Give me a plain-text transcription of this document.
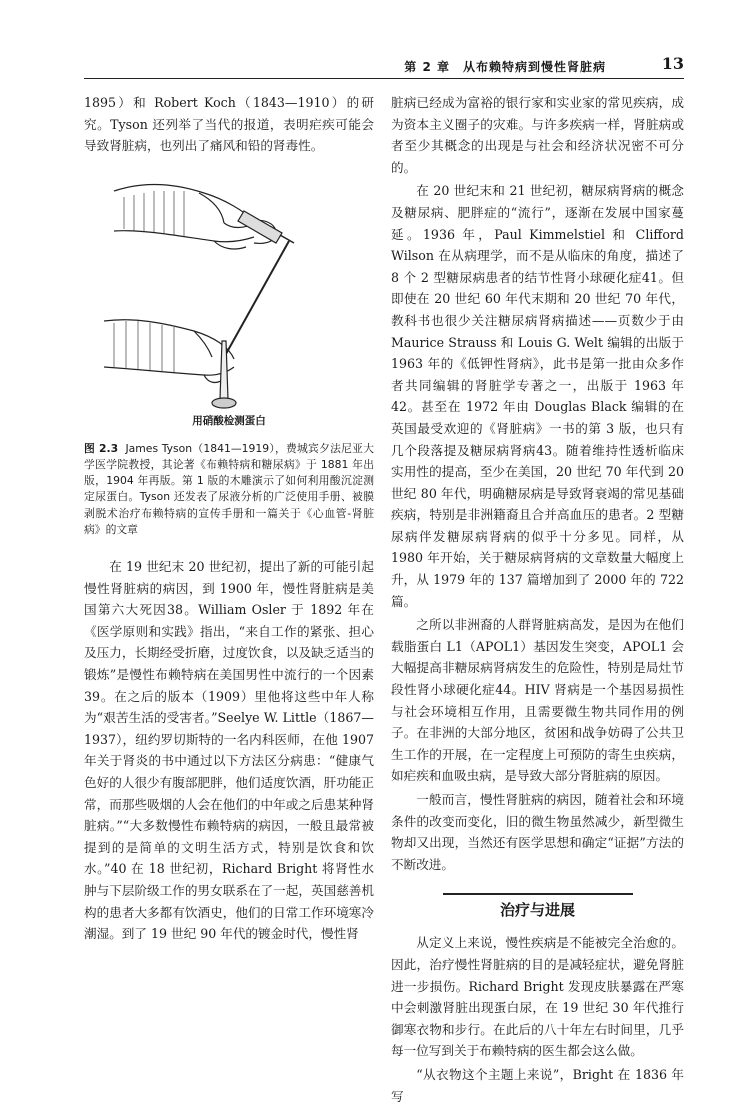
第 2 章　从布赖特病到慢性肾脏病	13

1895）和 Robert Koch（1843—1910）的研究。Tyson 还列举了当代的报道，表明疟疾可能会导致肾脏病，也列出了痛风和铅的肾毒性。

用硝酸检测蛋白
图 2.3 James Tyson（1841—1919），费城宾夕法尼亚大学医学院教授，其论著《布赖特病和糖尿病》于 1881 年出版，1904 年再版。第 1 版的木雕演示了如何利用酸沉淀测定尿蛋白。Tyson 还发表了尿液分析的广泛使用手册、被膜剥脱术治疗布赖特病的宣传手册和一篇关于《心血管-肾脏病》的文章

在 19 世纪末 20 世纪初，提出了新的可能引起慢性肾脏病的病因，到 1900 年，慢性肾脏病是美国第六大死因38。William Osler 于 1892 年在《医学原则和实践》指出，“来自工作的紧张、担心及压力，长期经受折磨，过度饮食，以及缺乏适当的锻炼”是慢性布赖特病在美国男性中流行的一个因素39。在之后的版本（1909）里他将这些中年人称为“艰苦生活的受害者。”Seelye W. Little（1867—1937），纽约罗切斯特的一名内科医师，在他 1907 年关于肾炎的书中通过以下方法区分病患：“健康气色好的人很少有腹部肥胖，他们适度饮酒，肝功能正常，而那些吸烟的人会在他们的中年或之后患某种肾脏病。”“大多数慢性布赖特病的病因，一般且最常被提到的是简单的文明生活方式，特别是饮食和饮水。”40 在 18 世纪初，Richard Bright 将肾性水肿与下层阶级工作的男女联系在了一起，英国慈善机构的患者大多都有饮酒史，他们的日常工作环境寒冷潮湿。到了 19 世纪 90 年代的镀金时代，慢性肾

脏病已经成为富裕的银行家和实业家的常见疾病，成为资本主义圈子的灾难。与许多疾病一样，肾脏病或者至少其概念的出现是与社会和经济状况密不可分的。

在 20 世纪末和 21 世纪初，糖尿病肾病的概念及糖尿病、肥胖症的“流行”，逐渐在发展中国家蔓延。1936 年，Paul Kimmelstiel 和 Clifford Wilson 在从病理学，而不是从临床的角度，描述了 8 个 2 型糖尿病患者的结节性肾小球硬化症41。但即使在 20 世纪 60 年代末期和 20 世纪 70 年代，教科书也很少关注糖尿病肾病描述——页数少于由 Maurice Strauss 和 Louis G. Welt 编辑的出版于 1963 年的《低钾性肾病》，此书是第一批由众多作者共同编辑的肾脏学专著之一，出版于 1963 年42。甚至在 1972 年由 Douglas Black 编辑的在英国最受欢迎的《肾脏病》一书的第 3 版，也只有几个段落提及糖尿病肾病43。随着维持性透析临床实用性的提高，至少在美国，20 世纪 70 年代到 20 世纪 80 年代，明确糖尿病是导致肾衰竭的常见基础疾病，特别是非洲籍裔且合并高血压的患者。2 型糖尿病伴发糖尿病肾病的似乎十分多见。同样，从 1980 年开始，关于糖尿病肾病的文章数量大幅度上升，从 1979 年的 137 篇增加到了 2000 年的 722 篇。

之所以非洲裔的人群肾脏病高发，是因为在他们载脂蛋白 L1（APOL1）基因发生突变，APOL1 会大幅提高非糖尿病肾病发生的危险性，特别是局灶节段性肾小球硬化症44。HIV 肾病是一个基因易损性与社会环境相互作用，且需要微生物共同作用的例子。在非洲的大部分地区，贫困和战争妨碍了公共卫生工作的开展，在一定程度上可预防的寄生虫疾病，如疟疾和血吸虫病，是导致大部分肾脏病的原因。

一般而言，慢性肾脏病的病因，随着社会和环境条件的改变而变化，旧的微生物虽然减少，新型微生物却又出现，当然还有医学思想和确定“证据”方法的不断改进。

治疗与进展

从定义上来说，慢性疾病是不能被完全治愈的。因此，治疗慢性肾脏病的目的是减轻症状，避免肾脏进一步损伤。Richard Bright 发现皮肤暴露在严寒中会刺激肾脏出现蛋白尿，在 19 世纪 30 年代推行御寒衣物和步行。在此后的八十年左右时间里，几乎每一位写到关于布赖特病的医生都会这么做。

“从衣物这个主题上来说”，Bright 在 1836 年写
